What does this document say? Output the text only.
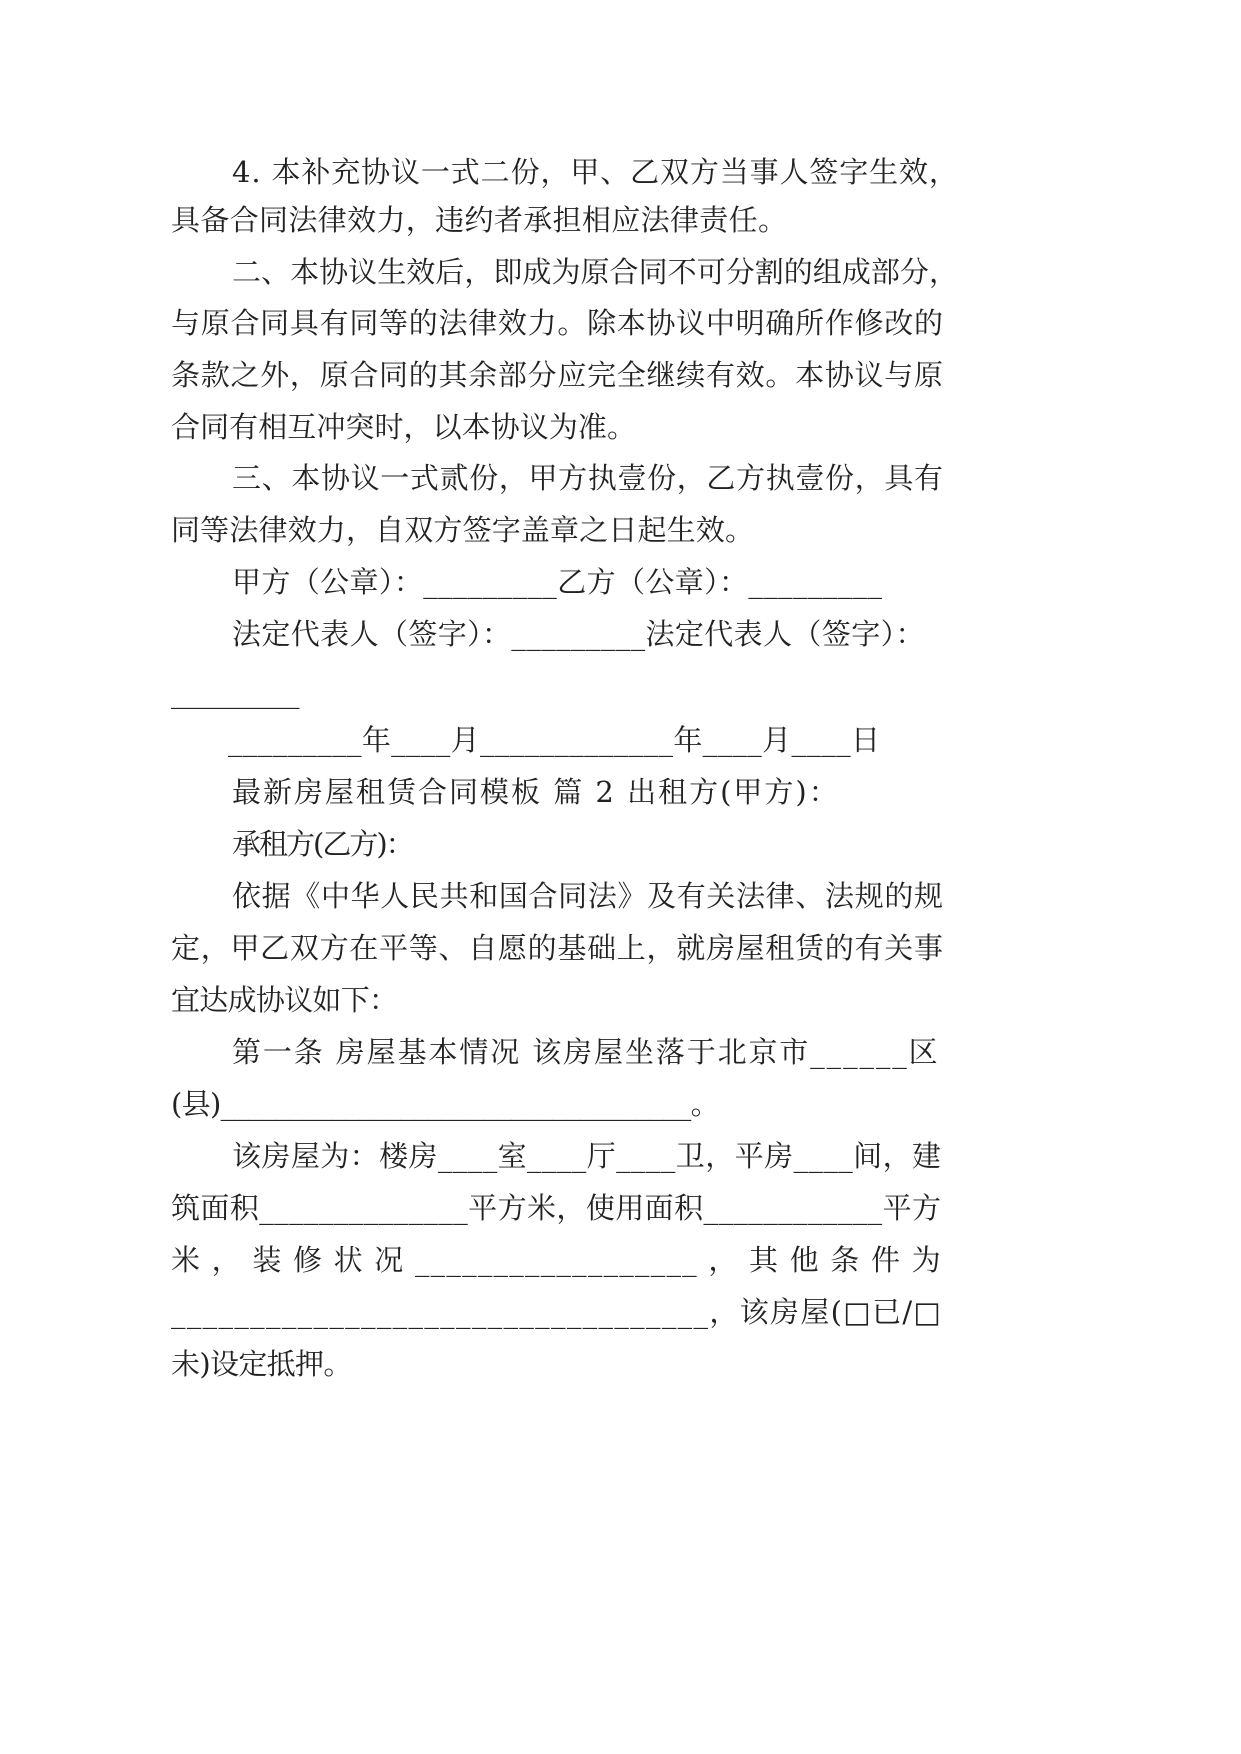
4. 本补充协议一式二份，甲、乙双方当事人签字生效，
具备合同法律效力，违约者承担相应法律责任。
二、本协议生效后，即成为原合同不可分割的组成部分，
与原合同具有同等的法律效力。除本协议中明确所作修改的
条款之外，原合同的其余部分应完全继续有效。本协议与原
合同有相互冲突时，以本协议为准。
三、本协议一式贰份，甲方执壹份，乙方执壹份，具有
同等法律效力，自双方签字盖章之日起生效。
甲方（公章）：_________乙方（公章）：_________
法定代表人（签字）：_________法定代表人（签字）：
_________
_________年____月_____________年____月____日
最新房屋租赁合同模板 篇 2 出租方(甲方)：
承租方(乙方)：
依据《中华人民共和国合同法》及有关法律、法规的规
定，甲乙双方在平等、自愿的基础上，就房屋租赁的有关事
宜达成协议如下：
第一条 房屋基本情况 该房屋坐落于北京市______区
(县)__________________________________。
该房屋为：楼房____室____厅____卫，平房____间，建
筑面积______________平方米，使用面积____________平方
米 ， 装 修 状 况 __________________ ， 其 他 条 件 为
__________________________________，该房屋(□已/□
未)设定抵押。
